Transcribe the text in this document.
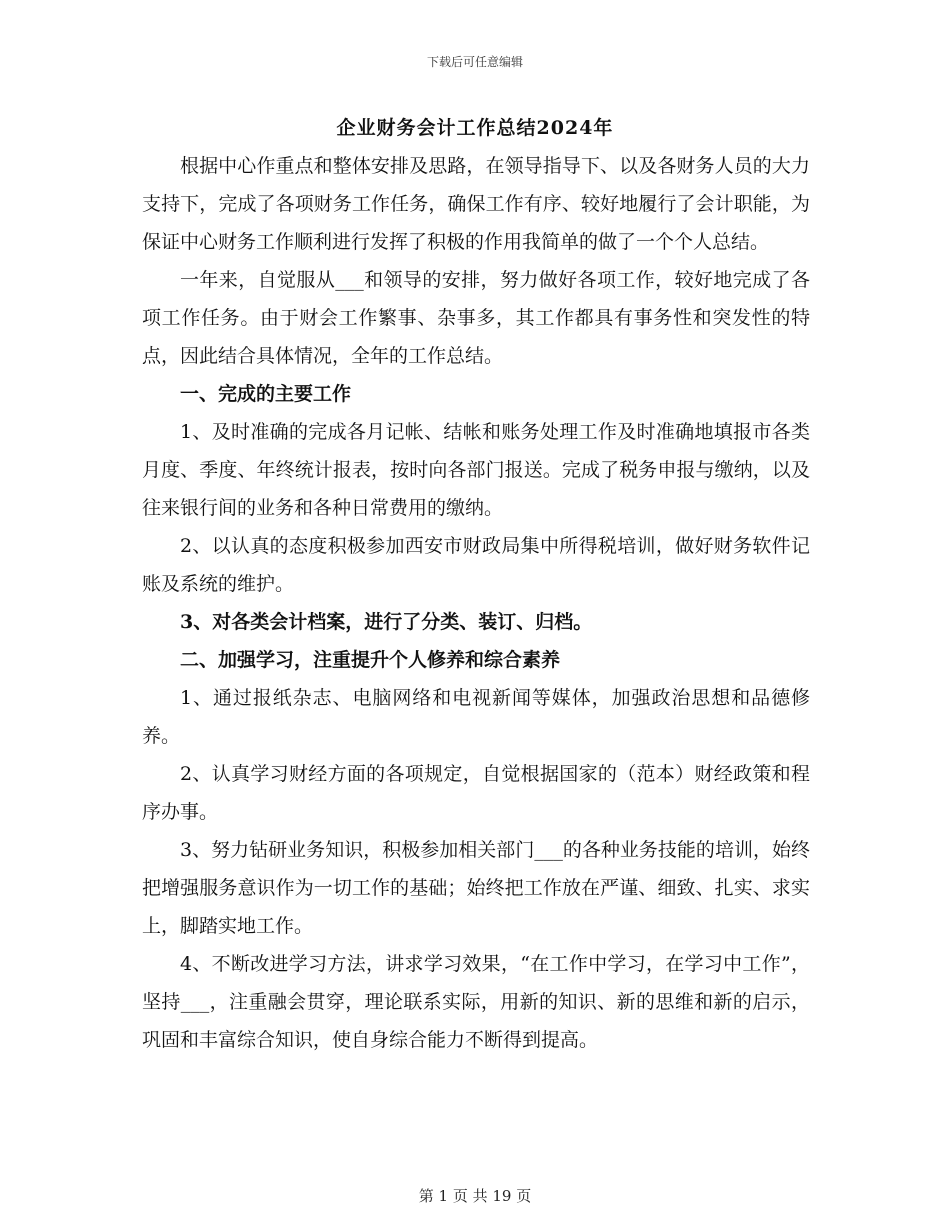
下载后可任意编辑
企业财务会计工作总结2024年

根据中心作重点和整体安排及思路，在领导指导下、以及各财务人员的大力支持下，完成了各项财务工作任务，确保工作有序、较好地履行了会计职能，为保证中心财务工作顺利进行发挥了积极的作用我简单的做了一个个人总结。

一年来，自觉服从___和领导的安排，努力做好各项工作，较好地完成了各项工作任务。由于财会工作繁事、杂事多，其工作都具有事务性和突发性的特点，因此结合具体情况，全年的工作总结。

一、完成的主要工作

1、及时准确的完成各月记帐、结帐和账务处理工作及时准确地填报市各类月度、季度、年终统计报表，按时向各部门报送。完成了税务申报与缴纳，以及往来银行间的业务和各种日常费用的缴纳。

2、以认真的态度积极参加西安市财政局集中所得税培训，做好财务软件记账及系统的维护。

3、对各类会计档案，进行了分类、装订、归档。

二、加强学习，注重提升个人修养和综合素养

1、通过报纸杂志、电脑网络和电视新闻等媒体，加强政治思想和品德修养。

2、认真学习财经方面的各项规定，自觉根据国家的（范本）财经政策和程序办事。

3、努力钻研业务知识，积极参加相关部门___的各种业务技能的培训，始终把增强服务意识作为一切工作的基础；始终把工作放在严谨、细致、扎实、求实上，脚踏实地工作。

4、不断改进学习方法，讲求学习效果，“在工作中学习，在学习中工作”，坚持___，注重融会贯穿，理论联系实际，用新的知识、新的思维和新的启示，巩固和丰富综合知识，使自身综合能力不断得到提高。

第 1 页 共 19 页
